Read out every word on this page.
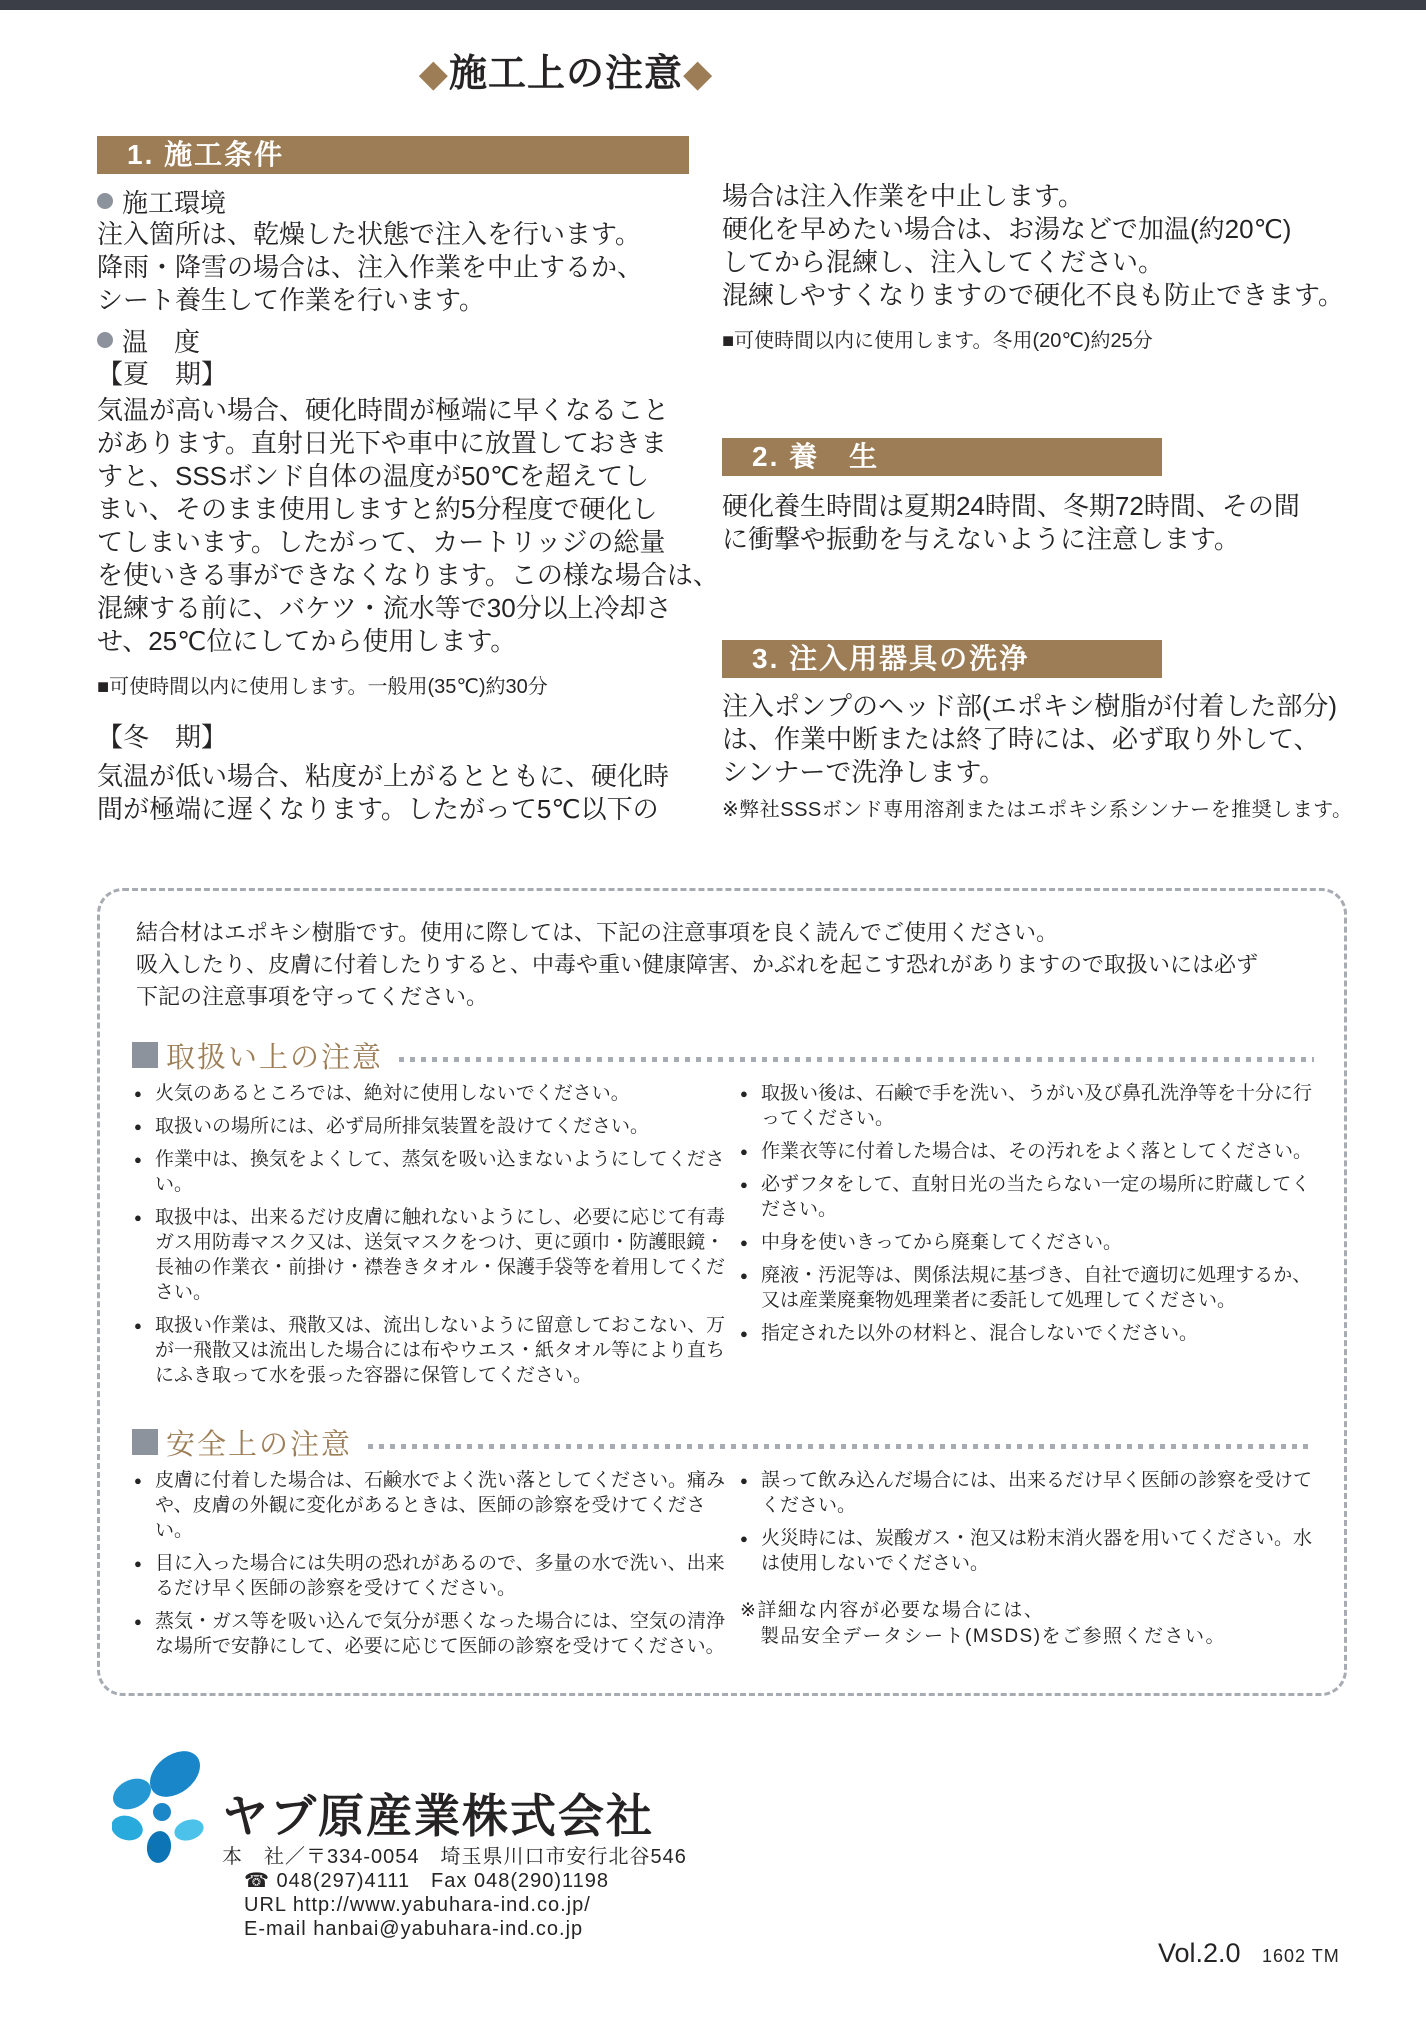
◆施工上の注意◆
1. 施工条件
施工環境
注入箇所は、乾燥した状態で注入を行います。
降雨・降雪の場合は、注入作業を中止するか、
シート養生して作業を行います。
温　度
【夏　期】
気温が高い場合、硬化時間が極端に早くなること
があります。直射日光下や車中に放置しておきま
すと、SSSボンド自体の温度が50℃を超えてし
まい、そのまま使用しますと約5分程度で硬化し
てしまいます。したがって、カートリッジの総量
を使いきる事ができなくなります。この様な場合は、
混練する前に、バケツ・流水等で30分以上冷却さ
せ、25℃位にしてから使用します。
■可使時間以内に使用します。一般用(35℃)約30分
【冬　期】
気温が低い場合、粘度が上がるとともに、硬化時
間が極端に遅くなります。したがって5℃以下の
場合は注入作業を中止します。
硬化を早めたい場合は、お湯などで加温(約20℃)
してから混練し、注入してください。
混練しやすくなりますので硬化不良も防止できます。
■可使時間以内に使用します。冬用(20℃)約25分
2. 養　生
硬化養生時間は夏期24時間、冬期72時間、その間
に衝撃や振動を与えないように注意します。
3. 注入用器具の洗浄
注入ポンプのヘッド部(エポキシ樹脂が付着した部分)
は、作業中断または終了時には、必ず取り外して、
シンナーで洗浄します。
※弊社SSSボンド専用溶剤またはエポキシ系シンナーを推奨します。
結合材はエポキシ樹脂です。使用に際しては、下記の注意事項を良く読んでご使用ください。
吸入したり、皮膚に付着したりすると、中毒や重い健康障害、かぶれを起こす恐れがありますので取扱いには必ず
下記の注意事項を守ってください。
取扱い上の注意
● 火気のあるところでは、絶対に使用しないでください。
● 取扱いの場所には、必ず局所排気装置を設けてください。
● 作業中は、換気をよくして、蒸気を吸い込まないようにしてください。
● 取扱中は、出来るだけ皮膚に触れないようにし、必要に応じて有毒ガス用防毒マスク又は、送気マスクをつけ、更に頭巾・防護眼鏡・長袖の作業衣・前掛け・襟巻きタオル・保護手袋等を着用してください。
● 取扱い作業は、飛散又は、流出しないように留意しておこない、万が一飛散又は流出した場合には布やウエス・紙タオル等により直ちにふき取って水を張った容器に保管してください。
● 取扱い後は、石鹸で手を洗い、うがい及び鼻孔洗浄等を十分に行ってください。
● 作業衣等に付着した場合は、その汚れをよく落としてください。
● 必ずフタをして、直射日光の当たらない一定の場所に貯蔵してください。
● 中身を使いきってから廃棄してください。
● 廃液・汚泥等は、関係法規に基づき、自社で適切に処理するか、又は産業廃棄物処理業者に委託して処理してください。
● 指定された以外の材料と、混合しないでください。
安全上の注意
● 皮膚に付着した場合は、石鹸水でよく洗い落としてください。痛みや、皮膚の外観に変化があるときは、医師の診察を受けてください。
● 目に入った場合には失明の恐れがあるので、多量の水で洗い、出来るだけ早く医師の診察を受けてください。
● 蒸気・ガス等を吸い込んで気分が悪くなった場合には、空気の清浄な場所で安静にして、必要に応じて医師の診察を受けてください。
● 誤って飲み込んだ場合には、出来るだけ早く医師の診察を受けてください。
● 火災時には、炭酸ガス・泡又は粉末消火器を用いてください。水は使用しないでください。
※詳細な内容が必要な場合には、
製品安全データシート(MSDS)をご参照ください。
ヤブ原産業株式会社
本　社／〒334-0054　埼玉県川口市安行北谷546
☎ 048(297)4111　Fax 048(290)1198
URL http://www.yabuhara-ind.co.jp/
E-mail hanbai@yabuhara-ind.co.jp
Vol.2.0 1602 TM
